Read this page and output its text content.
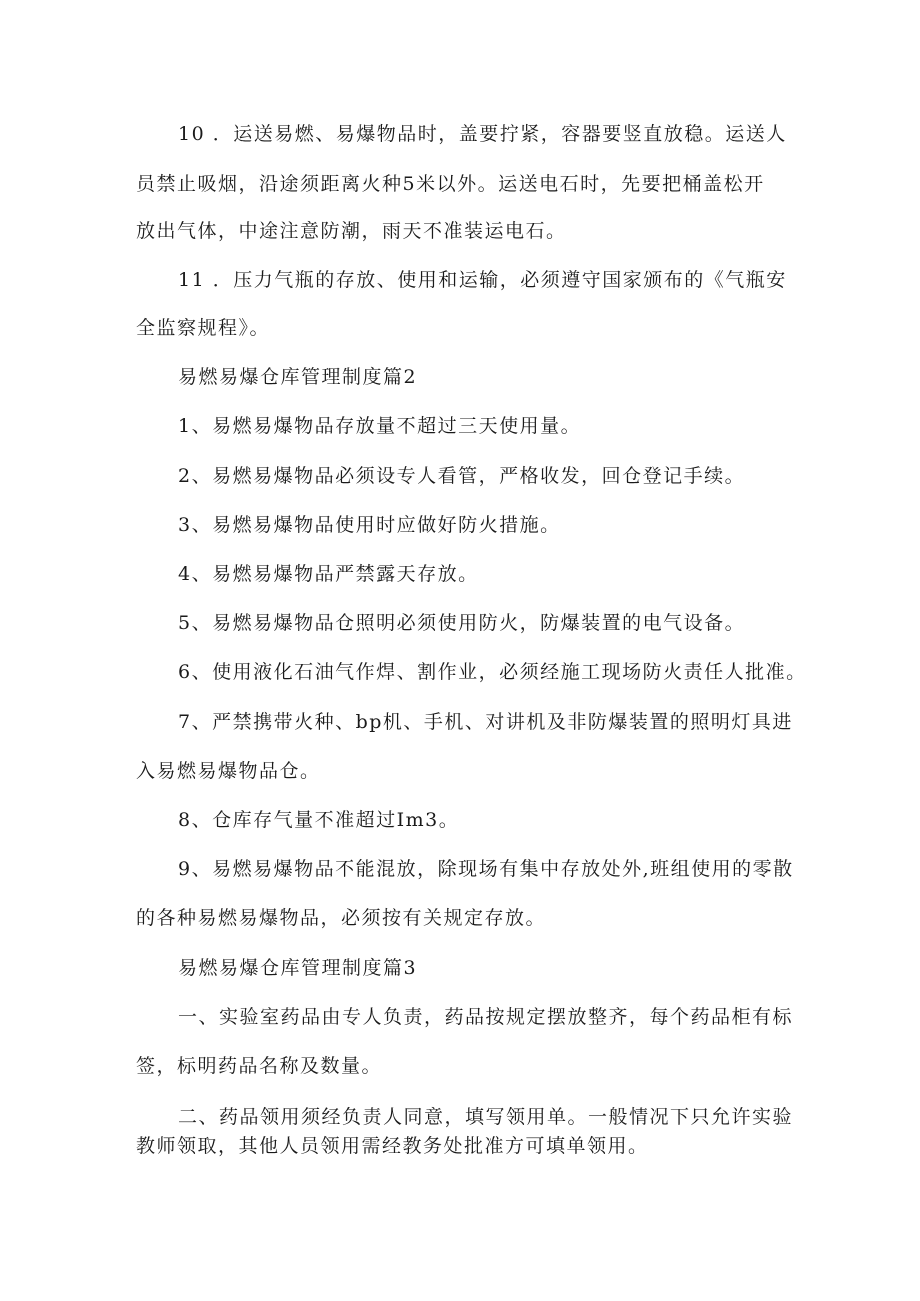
10 ．运送易燃、易爆物品时，盖要拧紧，容器要竖直放稳。运送人
员禁止吸烟，沿途须距离火种5米以外。运送电石时，先要把桶盖松开
放出气体，中途注意防潮，雨天不准装运电石。
11 ．压力气瓶的存放、使用和运输，必须遵守国家颁布的《气瓶安
全监察规程》。
易燃易爆仓库管理制度篇2
1、易燃易爆物品存放量不超过三天使用量。
2、易燃易爆物品必须设专人看管，严格收发，回仓登记手续。
3、易燃易爆物品使用时应做好防火措施。
4、易燃易爆物品严禁露天存放。
5、易燃易爆物品仓照明必须使用防火，防爆装置的电气设备。
6、使用液化石油气作焊、割作业，必须经施工现场防火责任人批准。
7、严禁携带火种、bp机、手机、对讲机及非防爆装置的照明灯具进
入易燃易爆物品仓。
8、仓库存气量不准超过Im3。
9、易燃易爆物品不能混放，除现场有集中存放处外,班组使用的零散
的各种易燃易爆物品，必须按有关规定存放。
易燃易爆仓库管理制度篇3
一、实验室药品由专人负责，药品按规定摆放整齐，每个药品柜有标
签，标明药品名称及数量。
二、药品领用须经负责人同意，填写领用单。一般情况下只允许实验
教师领取，其他人员领用需经教务处批准方可填单领用。
